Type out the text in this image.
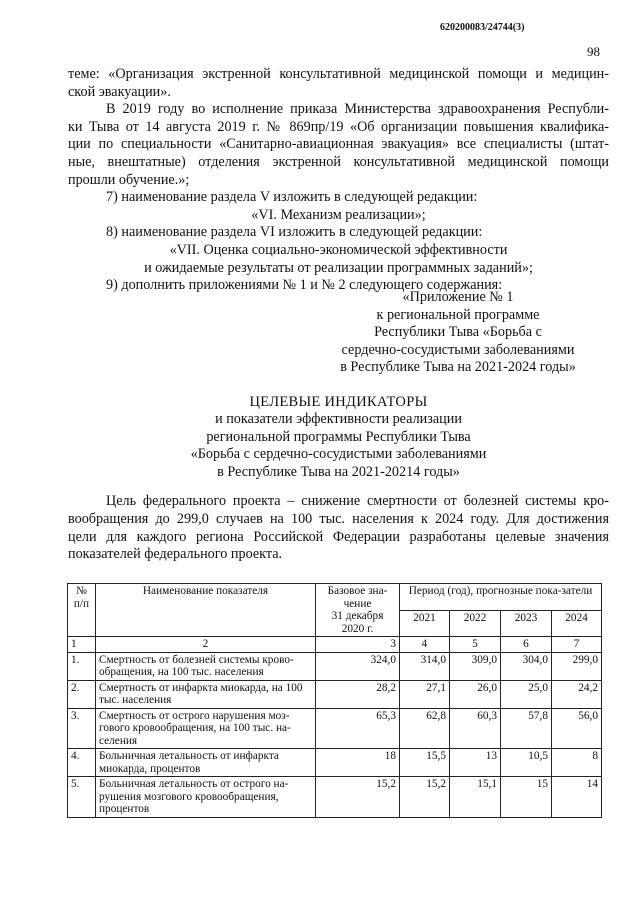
620200083/24744(3)
98

теме: «Организация экстренной консультативной медицинской помощи и медицин-

ской эвакуации».

В 2019 году во исполнение приказа Министерства здравоохранения Республи-

ки Тыва от 14 августа 2019 г. № 869пр/19 «Об организации повышения квалифика-

ции по специальности «Санитарно-авиационная эвакуация» все специалисты (штат-

ные, внештатные) отделения экстренной консультативной медицинской помощи

прошли обучение.»;

7) наименование раздела V изложить в следующей редакции:

«VI. Механизм реализации»;

8) наименование раздела VI изложить в следующей редакции:

«VII. Оценка социально-экономической эффективности

и ожидаемые результаты от реализации программных заданий»;

9) дополнить приложениями № 1 и № 2 следующего содержания:

«Приложение № 1
к региональной программе
Республики Тыва «Борьба с
сердечно-сосудистыми заболеваниями
в Республике Тыва на 2021-2024 годы»
ЦЕЛЕВЫЕ ИНДИКАТОРЫ
и показатели эффективности реализации
региональной программы Республики Тыва
«Борьба с сердечно-сосудистыми заболеваниями
в Республике Тыва на 2021-20214 годы»

Цель федерального проекта – снижение смертности от болезней системы кро-

вообращения до 299,0 случаев на 100 тыс. населения к 2024 году. Для достижения

цели для каждого региона Российской Федерации разработаны целевые значения

показателей федерального проекта.

№ п/п	Наименование показателя	Базовое зна-чение
31 декабря 2020 г.	Период (год), прогнозные пока-затели			
			2021	2022	2023	2024
1	2	3	4	5	6	7
1.	Смертность от болезней системы крово-обращения, на 100 тыс. населения	324,0	314,0	309,0	304,0	299,0
2.	Смертность от инфаркта миокарда, на 100 тыс. населения	28,2	27,1	26,0	25,0	24,2
3.	Смертность от острого нарушения моз-гового кровообращения, на 100 тыс. на-селения	65,3	62,8	60,3	57,8	56,0
4.	Больничная летальность от инфаркта миокарда, процентов	18	15,5	13	10,5	8
5.	Больничная летальность от острого на-рушения мозгового кровообращения, процентов	15,2	15,2	15,1	15	14
